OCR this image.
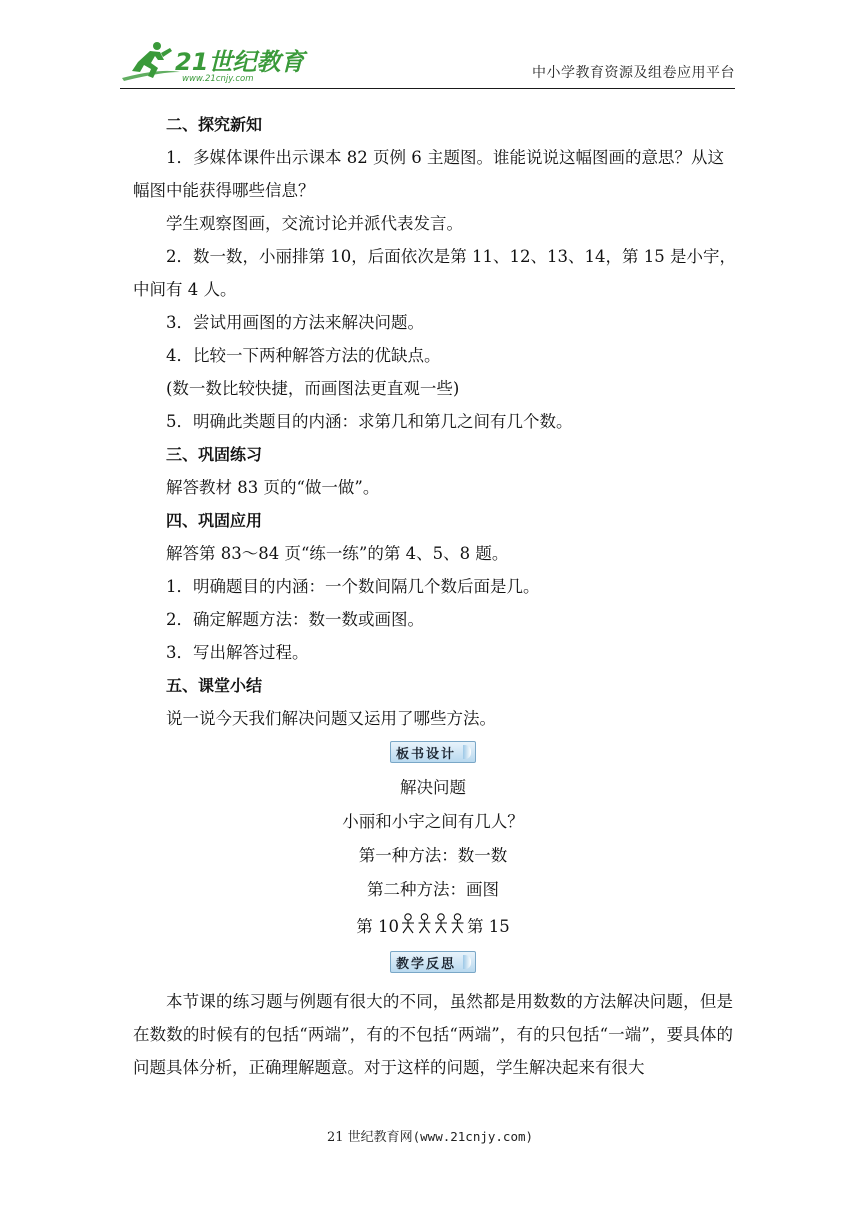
21世纪教育
www.21cnjy.com	中小学教育资源及组卷应用平台

二、探究新知

1．多媒体课件出示课本 82 页例 6 主题图。谁能说说这幅图画的意思？从这

幅图中能获得哪些信息？

学生观察图画，交流讨论并派代表发言。

2．数一数，小丽排第 10，后面依次是第 11、12、13、14，第 15 是小宇，

中间有 4 人。

3．尝试用画图的方法来解决问题。

4．比较一下两种解答方法的优缺点。

(数一数比较快捷，而画图法更直观一些)

5．明确此类题目的内涵：求第几和第几之间有几个数。

三、巩固练习

解答教材 83 页的“做一做”。

四、巩固应用

解答第 83～84 页“练一练”的第 4、5、8 题。

1．明确题目的内涵：一个数间隔几个数后面是几。

2．确定解题方法：数一数或画图。

3．写出解答过程。

五、课堂小结

说一说今天我们解决问题又运用了哪些方法。

板书设计

解决问题

小丽和小宇之间有几人？

第一种方法：数一数

第二种方法：画图

第 10	第 15
教学反思

本节课的练习题与例题有很大的不同，虽然都是用数数的方法解决问题，但是在数数的时候有的包括“两端”，有的不包括“两端”，有的只包括“一端”，要具体的问题具体分析，正确理解题意。对于这样的问题，学生解决起来有很大

21 世纪教育网(www.21cnjy.com)
